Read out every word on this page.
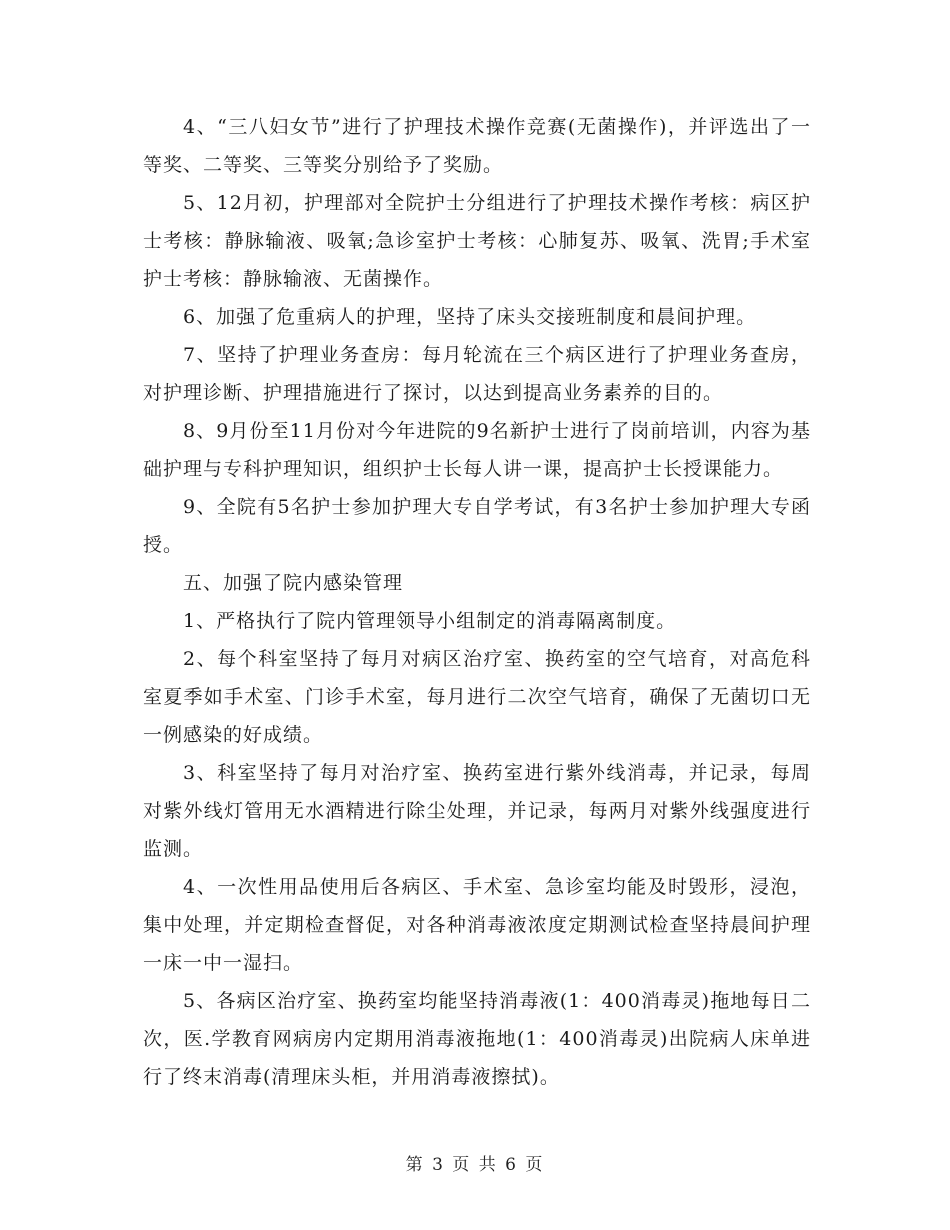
4、“三八妇女节”进行了护理技术操作竞赛(无菌操作)，并评选出了一等奖、二等奖、三等奖分别给予了奖励。

5、12月初，护理部对全院护士分组进行了护理技术操作考核：病区护士考核：静脉输液、吸氧;急诊室护士考核：心肺复苏、吸氧、洗胃;手术室护士考核：静脉输液、无菌操作。

6、加强了危重病人的护理，坚持了床头交接班制度和晨间护理。

7、坚持了护理业务查房：每月轮流在三个病区进行了护理业务查房，对护理诊断、护理措施进行了探讨，以达到提高业务素养的目的。

8、9月份至11月份对今年进院的9名新护士进行了岗前培训，内容为基础护理与专科护理知识，组织护士长每人讲一课，提高护士长授课能力。

9、全院有5名护士参加护理大专自学考试，有3名护士参加护理大专函授。

五、加强了院内感染管理

1、严格执行了院内管理领导小组制定的消毒隔离制度。

2、每个科室坚持了每月对病区治疗室、换药室的空气培育，对高危科室夏季如手术室、门诊手术室，每月进行二次空气培育，确保了无菌切口无一例感染的好成绩。

3、科室坚持了每月对治疗室、换药室进行紫外线消毒，并记录，每周对紫外线灯管用无水酒精进行除尘处理，并记录，每两月对紫外线强度进行监测。

4、一次性用品使用后各病区、手术室、急诊室均能及时毁形，浸泡，集中处理，并定期检查督促，对各种消毒液浓度定期测试检查坚持晨间护理一床一中一湿扫。

5、各病区治疗室、换药室均能坚持消毒液(1：400消毒灵)拖地每日二次，医.学教育网病房内定期用消毒液拖地(1：400消毒灵)出院病人床单进行了终末消毒(清理床头柜，并用消毒液擦拭)。

第 3 页 共 6 页
